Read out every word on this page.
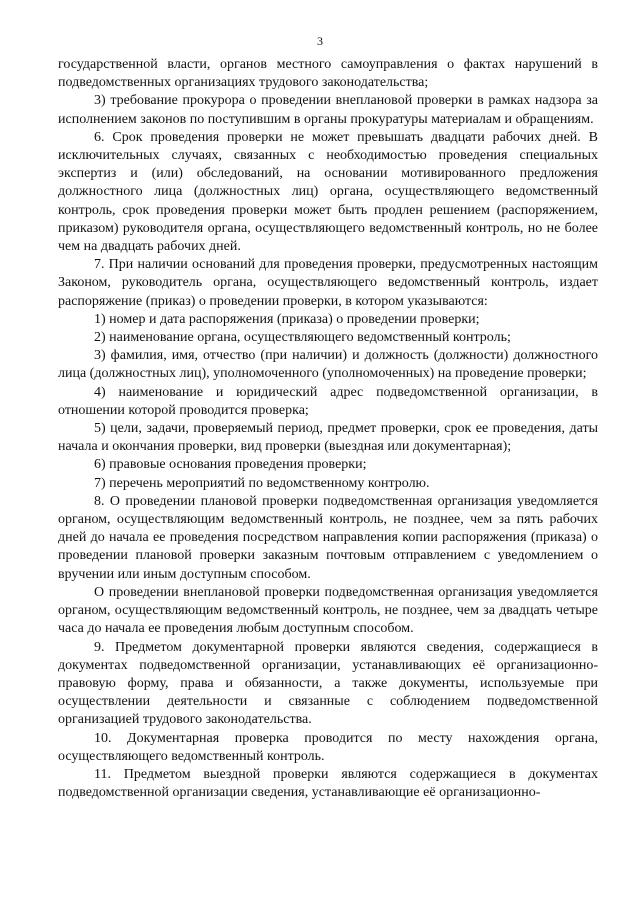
3

государственной власти, органов местного самоуправления о фактах нарушений в подведомственных организациях трудового законодательства;

3) требование прокурора о проведении внеплановой проверки в рамках надзора за исполнением законов по поступившим в органы прокуратуры материалам и обращениям.

6. Срок проведения проверки не может превышать двадцати рабочих дней. В исключительных случаях, связанных с необходимостью проведения специальных экспертиз и (или) обследований, на основании мотивированного предложения должностного лица (должностных лиц) органа, осуществляющего ведомственный контроль, срок проведения проверки может быть продлен решением (распоряжением, приказом) руководителя органа, осуществляющего ведомственный контроль, но не более чем на двадцать рабочих дней.

7. При наличии оснований для проведения проверки, предусмотренных настоящим Законом, руководитель органа, осуществляющего ведомственный контроль, издает распоряжение (приказ) о проведении проверки, в котором указываются:

1) номер и дата распоряжения (приказа) о проведении проверки;

2) наименование органа, осуществляющего ведомственный контроль;

3) фамилия, имя, отчество (при наличии) и должность (должности) должностного лица (должностных лиц), уполномоченного (уполномоченных) на проведение проверки;

4) наименование и юридический адрес подведомственной организации, в отношении которой проводится проверка;

5) цели, задачи, проверяемый период, предмет проверки, срок ее проведения, даты начала и окончания проверки, вид проверки (выездная или документарная);

6) правовые основания проведения проверки;

7) перечень мероприятий по ведомственному контролю.

8. О проведении плановой проверки подведомственная организация уведомляется органом, осуществляющим ведомственный контроль, не позднее, чем за пять рабочих дней до начала ее проведения посредством направления копии распоряжения (приказа) о проведении плановой проверки заказным почтовым отправлением с уведомлением о вручении или иным доступным способом.

О проведении внеплановой проверки подведомственная организация уведомляется органом, осуществляющим ведомственный контроль, не позднее, чем за двадцать четыре часа до начала ее проведения любым доступным способом.

9. Предметом документарной проверки являются сведения, содержащиеся в документах подведомственной организации, устанавливающих её организационно-правовую форму, права и обязанности, а также документы, используемые при осуществлении деятельности и связанные с соблюдением подведомственной организацией трудового законодательства.

10. Документарная проверка проводится по месту нахождения органа, осуществляющего ведомственный контроль.

11. Предметом выездной проверки являются содержащиеся в документах подведомственной организации сведения, устанавливающие её организационно-
